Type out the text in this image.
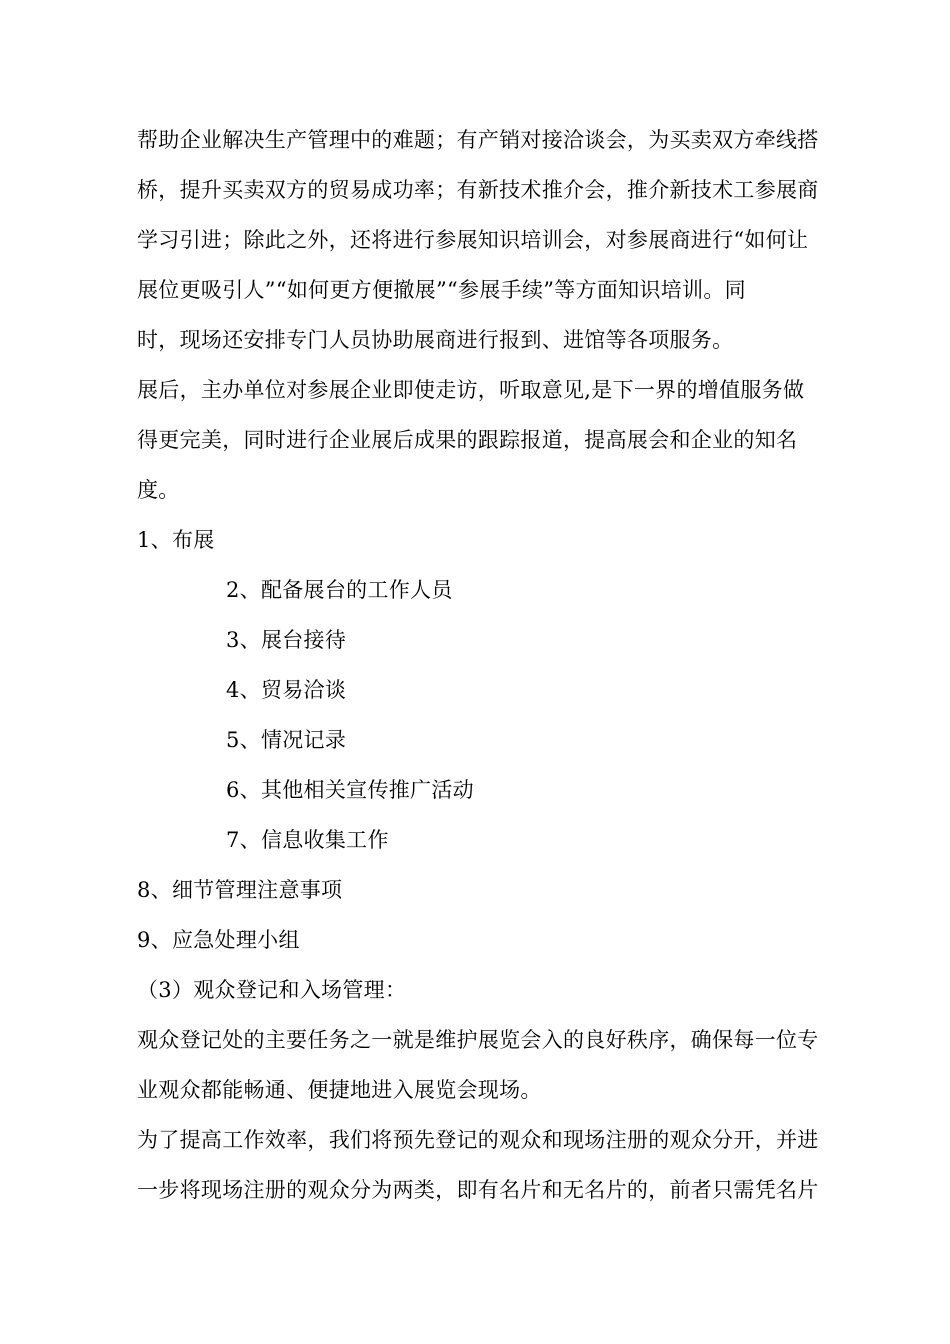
帮助企业解决生产管理中的难题；有产销对接洽谈会，为买卖双方牵线搭
桥，提升买卖双方的贸易成功率；有新技术推介会，推介新技术工参展商
学习引进；除此之外，还将进行参展知识培训会，对参展商进行“如何让
展位更吸引人”“如何更方便撤展”“参展手续”等方面知识培训。同
时，现场还安排专门人员协助展商进行报到、进馆等各项服务。
展后，主办单位对参展企业即使走访，听取意见,是下一界的增值服务做
得更完美，同时进行企业展后成果的跟踪报道，提高展会和企业的知名
度。
1、布展
2、配备展台的工作人员
3、展台接待
4、贸易洽谈
5、情况记录
6、其他相关宣传推广活动
7、信息收集工作
8、细节管理注意事项
9、应急处理小组
（3）观众登记和入场管理：
观众登记处的主要任务之一就是维护展览会入的良好秩序，确保每一位专
业观众都能畅通、便捷地进入展览会现场。
为了提高工作效率，我们将预先登记的观众和现场注册的观众分开，并进
一步将现场注册的观众分为两类，即有名片和无名片的，前者只需凭名片
